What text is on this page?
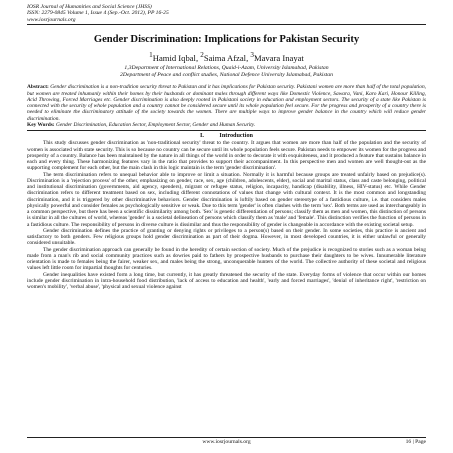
IOSR Journal of Humanities and Social Science (JHSS)
ISSN: 2279-0845 Volume 1, Issue 4 (Sep.-Oct. 2012), PP 16-25
www.iosrjournals.org
Gender Discrimination: Implications for Pakistan Security
$^1$Hamid Iqbal, $^2$Saima Afzal, $^3$Mavara Inayat
1,3Department of International Relations, Quaid-i-Azam, University Islamabad, Pakistan
2Department of Peace and conflict studies, National Defence University Islamabad, Pakistan
Abstract: Gender discrimination is a non-tradition security threat to Pakistan and it has implications for Pakistan security. Pakistani women are more than half of the total population, but women are treated inhumanly within their homes by their husbands or dominant males through different ways like Domestic Violence, Sawara, Vani, Karo Kari, Honour Killing, Acid Throwing, Forced Marriages etc. Gender discrimination is also deeply rooted in Pakistani society in education and employment sectors. The security of a state like Pakistan is connected with the security of whole population and a country cannot be considered secure until its whole population feel secure. For the progress and prosperity of a country there is needed to eliminate the discriminatory attitude of the society towards the women. There are multiple ways to improve gender balance in the country which will reduce gender discrimination.
Key Words: Gender Discrimination, Education Sector, Employment Sector, Gender and Human Security.
I.          Introduction

This study discusses gender discrimination as 'non-traditional security' threat to the country. It argues that women are more than half of the population and the security of women is associated with state security. This is so because no country can be secure until its whole population feels secure. Pakistan needs to empower its women for the progress and prosperity of a country. Balance has been maintained by the nature in all things of the world in order to decorate it with exquisiteness, and it produced a feature that sustains balance in each and every thing. These harmonizing features vary in the ratio that provides to support their accompaniment. In this perspective men and women are well thought-out as the supporting complement for each other, but the main clash in this logic maintain is the term 'gender discrimination'.

The term discrimination refers to unequal behavior able to improve or limit a situation. Normally it is harmful because groups are treated unfairly based on prejudice(s). Discrimination is a 'rejection process' of the other, emphasizing on gender, race, sex, age (children, adolescents, elder), social and marital status, class and caste belonging, political and institutional discrimination (governments, aid agency, spenders), migrant or refugee status, religion, incapacity, handicap (disability, illness, HIV-status) etc. While Gender discrimination refers to different treatment based on sex, including different connotations of values that change with cultural context. It is the most common and longstanding discrimination, and it is triggered by other discriminative behaviors. Gender discrimination is loftily based on gender stereotype of a fastidious culture, i.e. that considers males physically powerful and consider females as psychologically sensitive or weak. Due to this term 'gender' is often clashes with the term 'sex'. Both terms are used as interchangeably in a common perspective, but there has been a scientific dissimilarity among both. 'Sex' is genetic differentiation of persons; classify them as men and women, this distinction of persons is similar in all the cultures of world, whereas 'gender' is a societal delineation of persons which classify them as 'male' and 'female'. This distinction verifies the function of persons in a fastidious culture. The responsibility of persons in diverse culture is dissimilar and thus the responsibility of gender is changeable in accordance with the existing societal setup.

Gender discrimination defines the practice of granting or denying rights or privileges to a person(s) based on their gender. In some societies, this practice is ancient and satisfactory to both genders. Few religious groups hold gender discrimination as part of their dogma. However, in most developed countries, it is either unlawful or generally considered unsuitable.

The gender discrimination approach can generally be found in the heredity of certain section of society. Much of the prejudice is recognized to stories such as a woman being made from a man's rib and social community practices such as dowries paid to fathers by prospective husbands to purchase their daughters to be wives. Innumerable literature orientation is made to females being the fairer, weaker sex, and males being the strong, unconquerable hunters of the world. The collective authority of these societal and religious values left little room for impartial thoughts for centuries.

Gender inequalities have existed form a long time, but currently, it has greatly threatened the security of the state. Everyday forms of violence that occur within our homes include gender discrimination in intra-household food distribution, 'lack of access to education and health', 'early and forced marriages', 'denial of inheritance right', 'restriction on women's mobility', 'verbal abuse', 'physical and sexual violence against

www.iosrjournals.org	16 | Page
